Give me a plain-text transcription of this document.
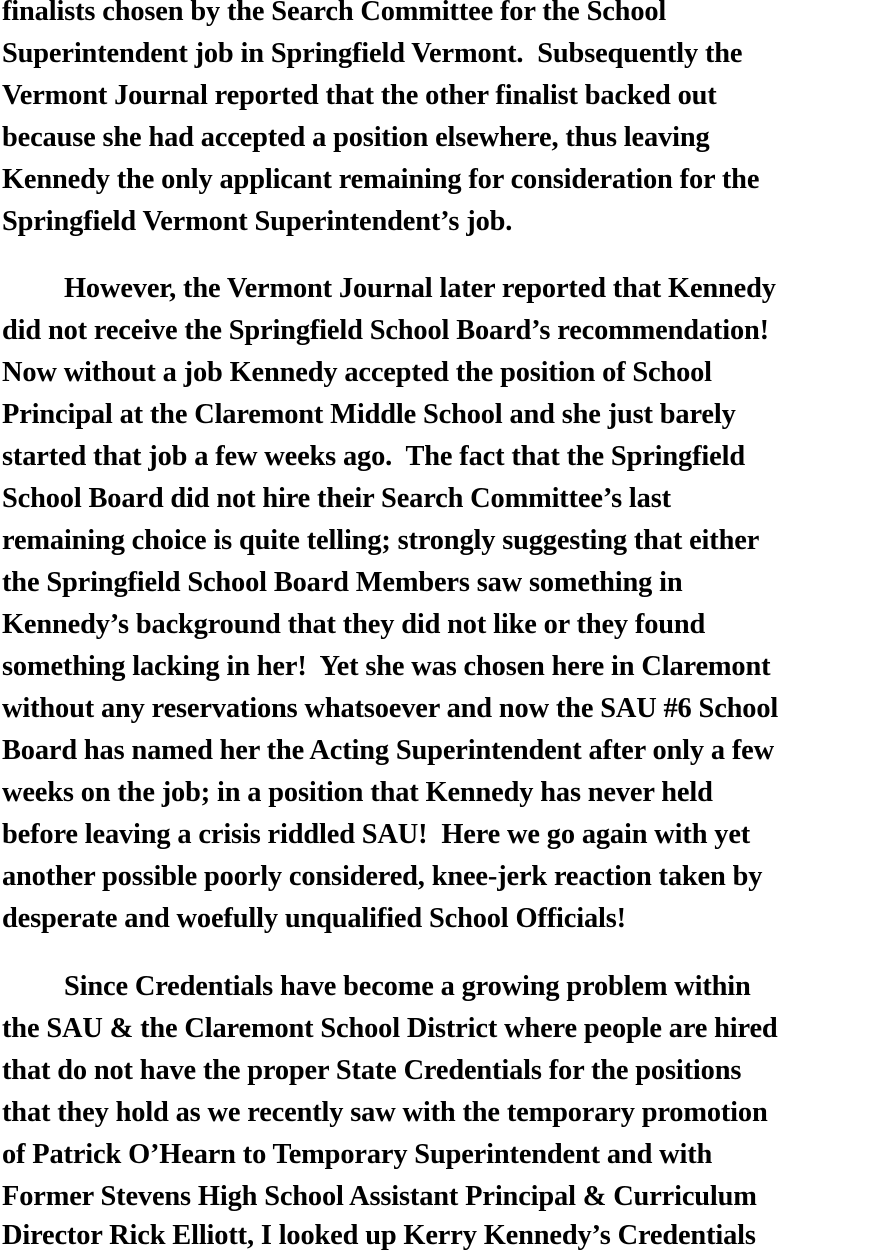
finalists chosen by the Search Committee for the School
Superintendent job in Springfield Vermont.  Subsequently the
Vermont Journal reported that the other finalist backed out
because she had accepted a position elsewhere, thus leaving
Kennedy the only applicant remaining for consideration for the
Springfield Vermont Superintendent’s job.
However, the Vermont Journal later reported that Kennedy
did not receive the Springfield School Board’s recommendation!
Now without a job Kennedy accepted the position of School
Principal at the Claremont Middle School and she just barely
started that job a few weeks ago.  The fact that the Springfield
School Board did not hire their Search Committee’s last
remaining choice is quite telling; strongly suggesting that either
the Springfield School Board Members saw something in
Kennedy’s background that they did not like or they found
something lacking in her!  Yet she was chosen here in Claremont
without any reservations whatsoever and now the SAU #6 School
Board has named her the Acting Superintendent after only a few
weeks on the job; in a position that Kennedy has never held
before leaving a crisis riddled SAU!  Here we go again with yet
another possible poorly considered, knee-jerk reaction taken by
desperate and woefully unqualified School Officials!
Since Credentials have become a growing problem within
the SAU & the Claremont School District where people are hired
that do not have the proper State Credentials for the positions
that they hold as we recently saw with the temporary promotion
of Patrick O’Hearn to Temporary Superintendent and with
Former Stevens High School Assistant Principal & Curriculum
Director Rick Elliott, I looked up Kerry Kennedy’s Credentials
